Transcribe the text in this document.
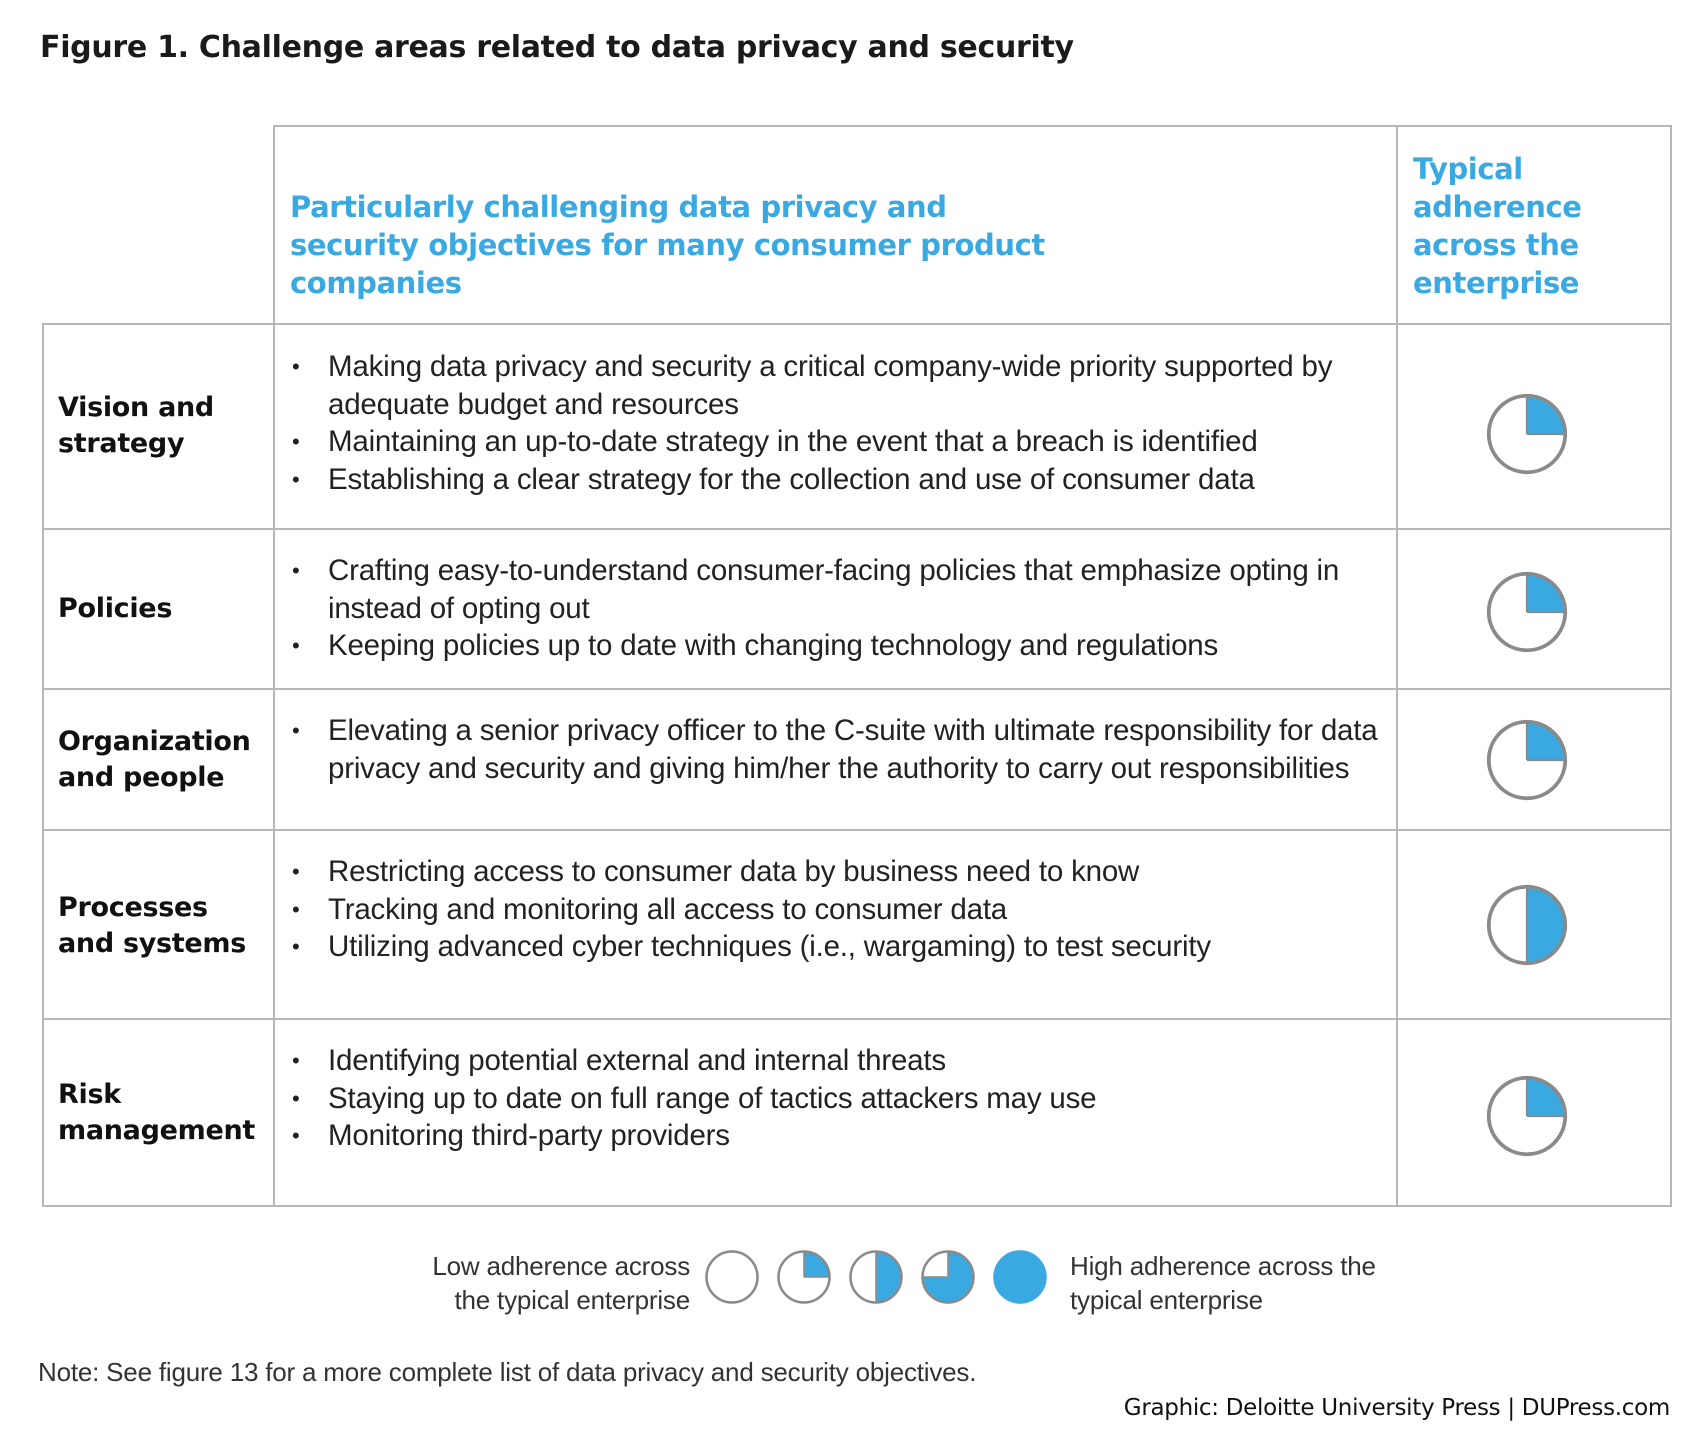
Figure 1. Challenge areas related to data privacy and security
Particularly challenging data privacy and security objectives for many consumer product companies
Typical adherence across the enterprise
Vision and strategy
• Making data privacy and security a critical company-wide priority supported by adequate budget and resources
• Maintaining an up-to-date strategy in the event that a breach is identified
• Establishing a clear strategy for the collection and use of consumer data
Policies
• Crafting easy-to-understand consumer-facing policies that emphasize opting in instead of opting out
• Keeping policies up to date with changing technology and regulations
Organization and people
• Elevating a senior privacy officer to the C-suite with ultimate responsibility for data privacy and security and giving him/her the authority to carry out responsibilities
Processes and systems
• Restricting access to consumer data by business need to know
• Tracking and monitoring all access to consumer data
• Utilizing advanced cyber techniques (i.e., wargaming) to test security
Risk management
• Identifying potential external and internal threats
• Staying up to date on full range of tactics attackers may use
• Monitoring third-party providers
Low adherence across the typical enterprise
High adherence across the typical enterprise
Note: See figure 13 for a more complete list of data privacy and security objectives.
Graphic: Deloitte University Press | DUPress.com
